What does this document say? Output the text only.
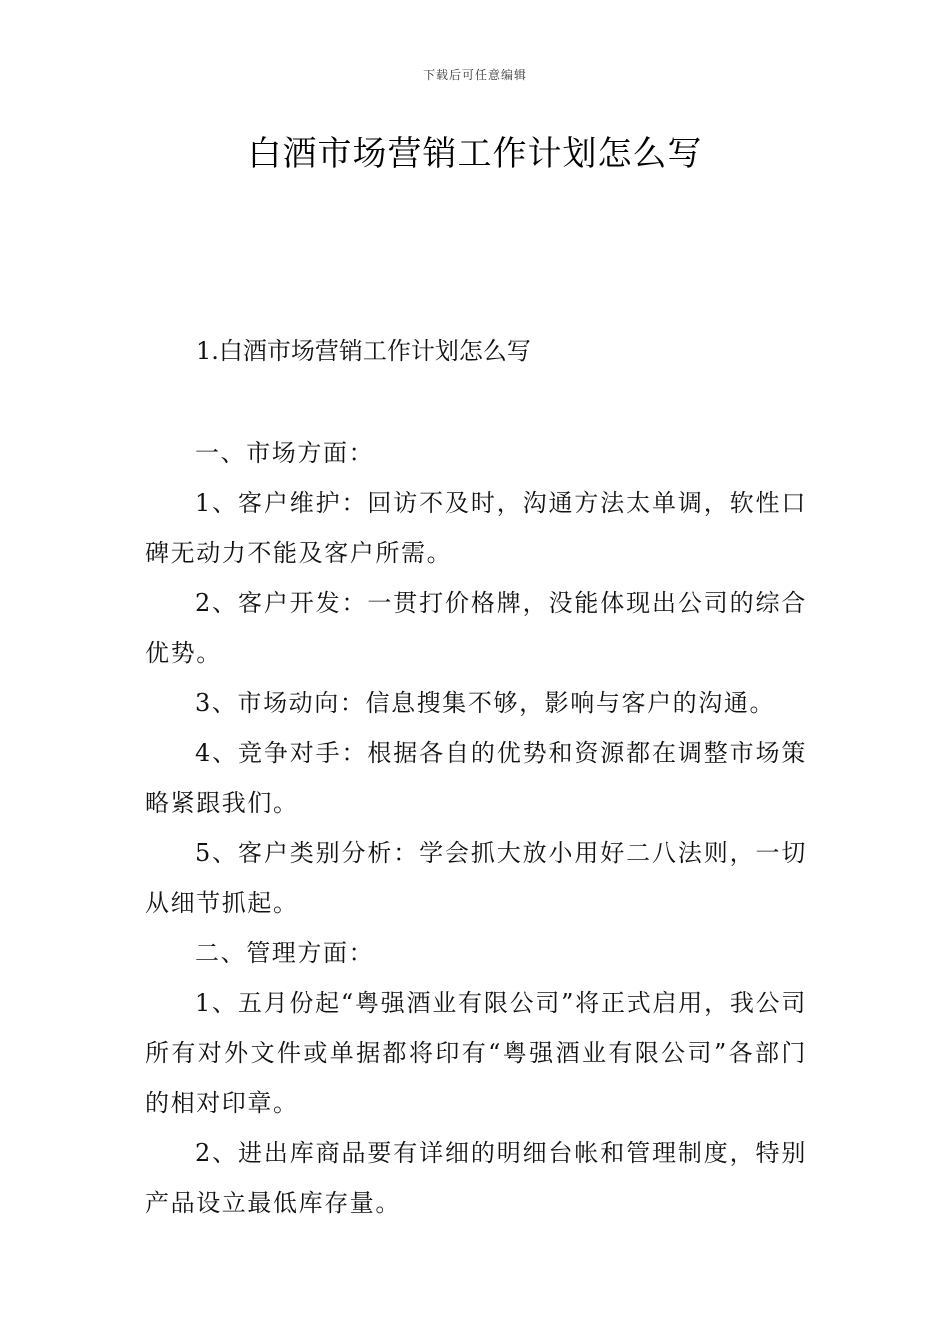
下载后可任意编辑
白酒市场营销工作计划怎么写
1.白酒市场营销工作计划怎么写

一、市场方面：

1、客户维护：回访不及时，沟通方法太单调，软性口碑无动力不能及客户所需。

2、客户开发：一贯打价格牌，没能体现出公司的综合优势。

3、市场动向：信息搜集不够，影响与客户的沟通。

4、竞争对手：根据各自的优势和资源都在调整市场策略紧跟我们。

5、客户类别分析：学会抓大放小用好二八法则，一切从细节抓起。

二、管理方面：

1、五月份起“粤强酒业有限公司”将正式启用，我公司所有对外文件或单据都将印有“粤强酒业有限公司”各部门的相对印章。

2、进出库商品要有详细的明细台帐和管理制度，特别产品设立最低库存量。
